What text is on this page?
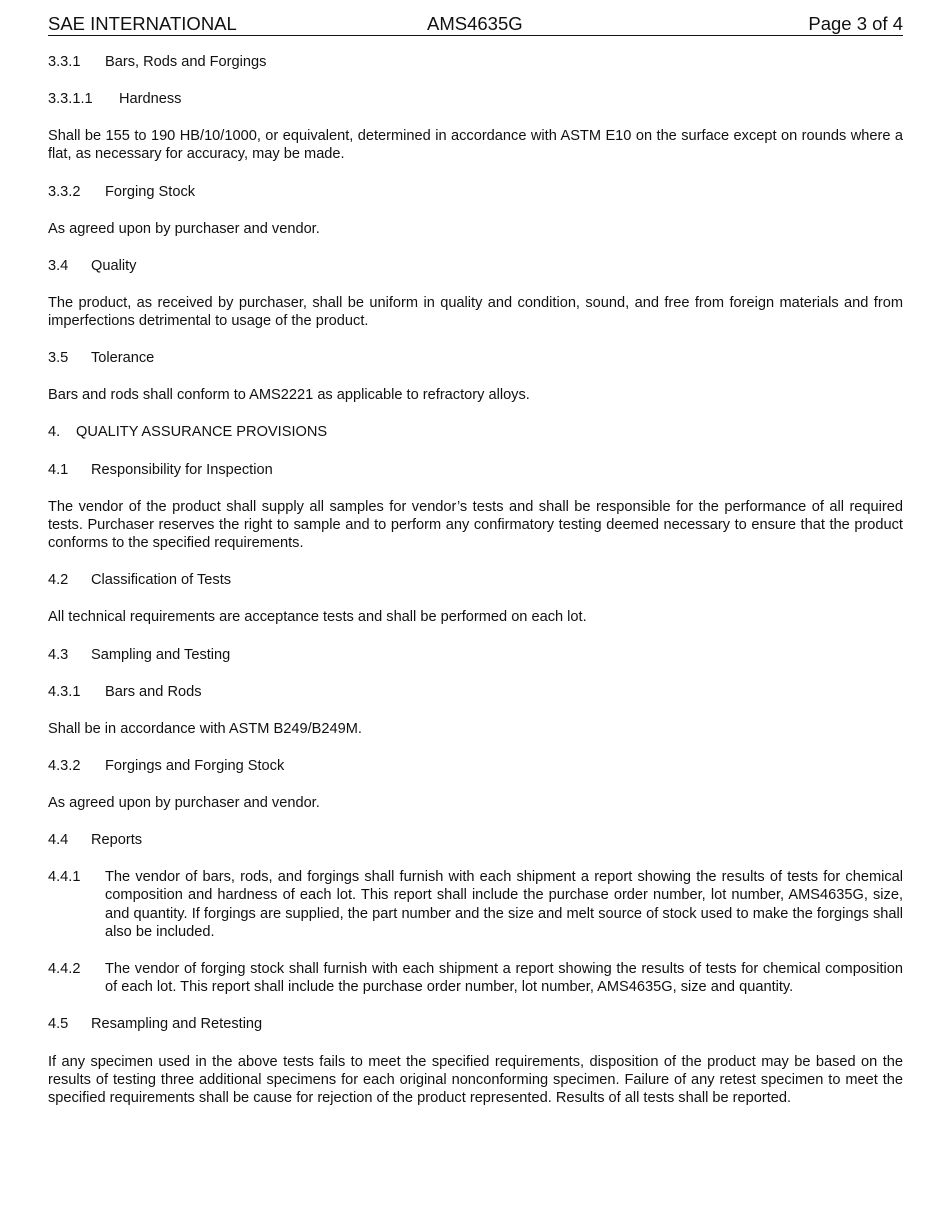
SAE INTERNATIONAL	AMS4635G	Page 3 of 4
3.3.1 Bars, Rods and Forgings
3.3.1.1 Hardness

Shall be 155 to 190 HB/10/1000, or equivalent, determined in accordance with ASTM E10 on the surface except on rounds where a flat, as necessary for accuracy, may be made.

3.3.2 Forging Stock

As agreed upon by purchaser and vendor.

3.4 Quality

The product, as received by purchaser, shall be uniform in quality and condition, sound, and free from foreign materials and from imperfections detrimental to usage of the product.

3.5 Tolerance

Bars and rods shall conform to AMS2221 as applicable to refractory alloys.

4. QUALITY ASSURANCE PROVISIONS
4.1 Responsibility for Inspection

The vendor of the product shall supply all samples for vendor’s tests and shall be responsible for the performance of all required tests. Purchaser reserves the right to sample and to perform any confirmatory testing deemed necessary to ensure that the product conforms to the specified requirements.

4.2 Classification of Tests

All technical requirements are acceptance tests and shall be performed on each lot.

4.3 Sampling and Testing
4.3.1 Bars and Rods

Shall be in accordance with ASTM B249/B249M.

4.3.2 Forgings and Forging Stock

As agreed upon by purchaser and vendor.

4.4 Reports
4.4.1	The vendor of bars, rods, and forgings shall furnish with each shipment a report showing the results of tests for chemical composition and hardness of each lot. This report shall include the purchase order number, lot number, AMS4635G, size, and quantity. If forgings are supplied, the part number and the size and melt source of stock used to make the forgings shall also be included.
4.4.2	The vendor of forging stock shall furnish with each shipment a report showing the results of tests for chemical composition of each lot. This report shall include the purchase order number, lot number, AMS4635G, size and quantity.
4.5 Resampling and Retesting

If any specimen used in the above tests fails to meet the specified requirements, disposition of the product may be based on the results of testing three additional specimens for each original nonconforming specimen. Failure of any retest specimen to meet the specified requirements shall be cause for rejection of the product represented. Results of all tests shall be reported.
